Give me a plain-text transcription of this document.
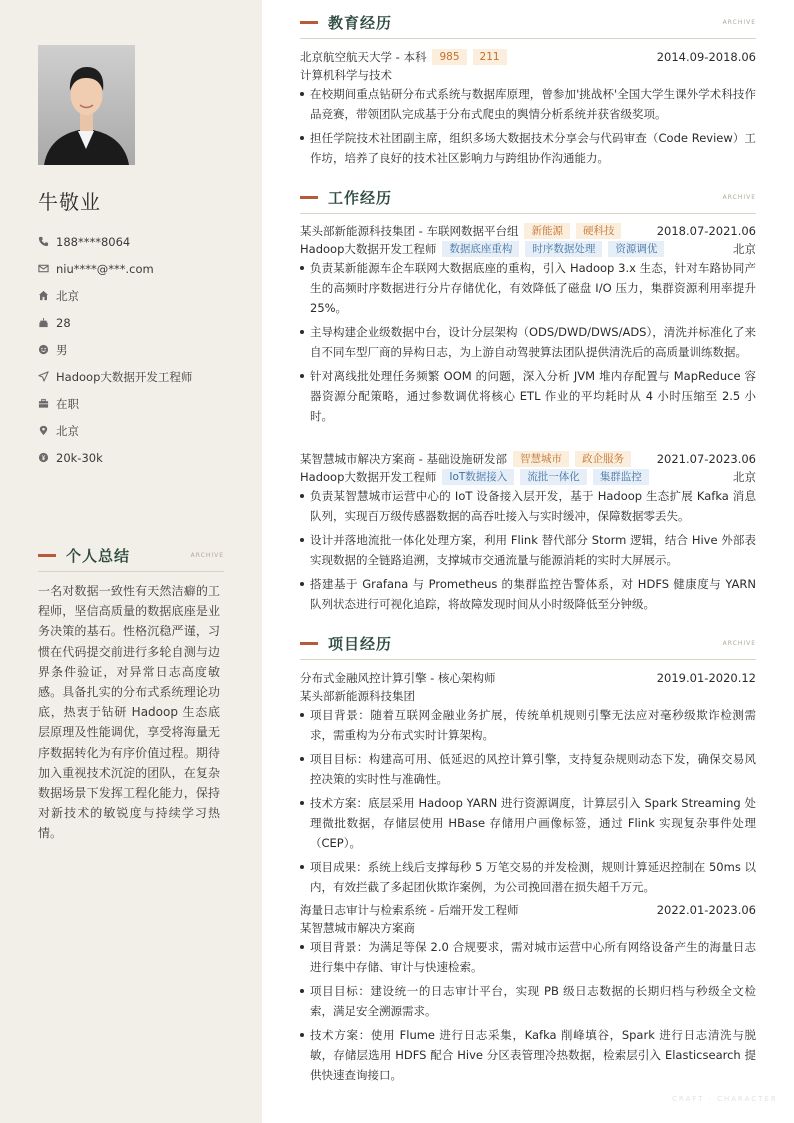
牛敬业
188****8064
niu****@***.com
北京
28
男
Hadoop大数据开发工程师
在职
北京
20k-30k
个人总结	ARCHIVE
一名对数据一致性有天然洁癖的工程师，坚信高质量的数据底座是业务决策的基石。性格沉稳严谨，习惯在代码提交前进行多轮自测与边界条件验证，对异常日志高度敏感。具备扎实的分布式系统理论功底，热衷于钻研 Hadoop 生态底层原理及性能调优，享受将海量无序数据转化为有序价值过程。期待加入重视技术沉淀的团队，在复杂数据场景下发挥工程化能力，保持对新技术的敏锐度与持续学习热情。
教育经历	ARCHIVE
北京航空航天大学 - 本科	985	211	2014.09-2018.06
计算机科学与技术
在校期间重点钻研分布式系统与数据库原理，曾参加'挑战杯'全国大学生课外学术科技作品竞赛，带领团队完成基于分布式爬虫的舆情分析系统并获省级奖项。
担任学院技术社团副主席，组织多场大数据技术分享会与代码审查（Code Review）工作坊，培养了良好的技术社区影响力与跨组协作沟通能力。
工作经历	ARCHIVE
某头部新能源科技集团 - 车联网数据平台组	新能源	硬科技	2018.07-2021.06
Hadoop大数据开发工程师	数据底座重构	时序数据处理	资源调优	北京
负责某新能源车企车联网大数据底座的重构，引入 Hadoop 3.x 生态，针对车路协同产生的高频时序数据进行分片存储优化，有效降低了磁盘 I/O 压力，集群资源利用率提升 25%。
主导构建企业级数据中台，设计分层架构（ODS/DWD/DWS/ADS），清洗并标准化了来自不同车型厂商的异构日志，为上游自动驾驶算法团队提供清洗后的高质量训练数据。
针对离线批处理任务频繁 OOM 的问题，深入分析 JVM 堆内存配置与 MapReduce 容器资源分配策略，通过参数调优将核心 ETL 作业的平均耗时从 4 小时压缩至 2.5 小时。
某智慧城市解决方案商 - 基础设施研发部	智慧城市	政企服务	2021.07-2023.06
Hadoop大数据开发工程师	IoT数据接入	流批一体化	集群监控	北京
负责某智慧城市运营中心的 IoT 设备接入层开发，基于 Hadoop 生态扩展 Kafka 消息队列，实现百万级传感器数据的高吞吐接入与实时缓冲，保障数据零丢失。
设计并落地流批一体化处理方案，利用 Flink 替代部分 Storm 逻辑，结合 Hive 外部表实现数据的全链路追溯，支撑城市交通流量与能源消耗的实时大屏展示。
搭建基于 Grafana 与 Prometheus 的集群监控告警体系，对 HDFS 健康度与 YARN 队列状态进行可视化追踪，将故障发现时间从小时级降低至分钟级。
项目经历	ARCHIVE
分布式金融风控计算引擎 - 核心架构师	2019.01-2020.12
某头部新能源科技集团
项目背景：随着互联网金融业务扩展，传统单机规则引擎无法应对毫秒级欺诈检测需求，需重构为分布式实时计算架构。
项目目标：构建高可用、低延迟的风控计算引擎，支持复杂规则动态下发，确保交易风控决策的实时性与准确性。
技术方案：底层采用 Hadoop YARN 进行资源调度，计算层引入 Spark Streaming 处理微批数据，存储层使用 HBase 存储用户画像标签，通过 Flink 实现复杂事件处理（CEP）。
项目成果：系统上线后支撑每秒 5 万笔交易的并发检测，规则计算延迟控制在 50ms 以内，有效拦截了多起团伙欺诈案例，为公司挽回潜在损失超千万元。
海量日志审计与检索系统 - 后端开发工程师	2022.01-2023.06
某智慧城市解决方案商
项目背景：为满足等保 2.0 合规要求，需对城市运营中心所有网络设备产生的海量日志进行集中存储、审计与快速检索。
项目目标：建设统一的日志审计平台，实现 PB 级日志数据的长期归档与秒级全文检索，满足安全溯源需求。
技术方案：使用 Flume 进行日志采集，Kafka 削峰填谷，Spark 进行日志清洗与脱敏，存储层选用 HDFS 配合 Hive 分区表管理冷热数据，检索层引入 Elasticsearch 提供快速查询接口。
CRAFT · CHARACTER
